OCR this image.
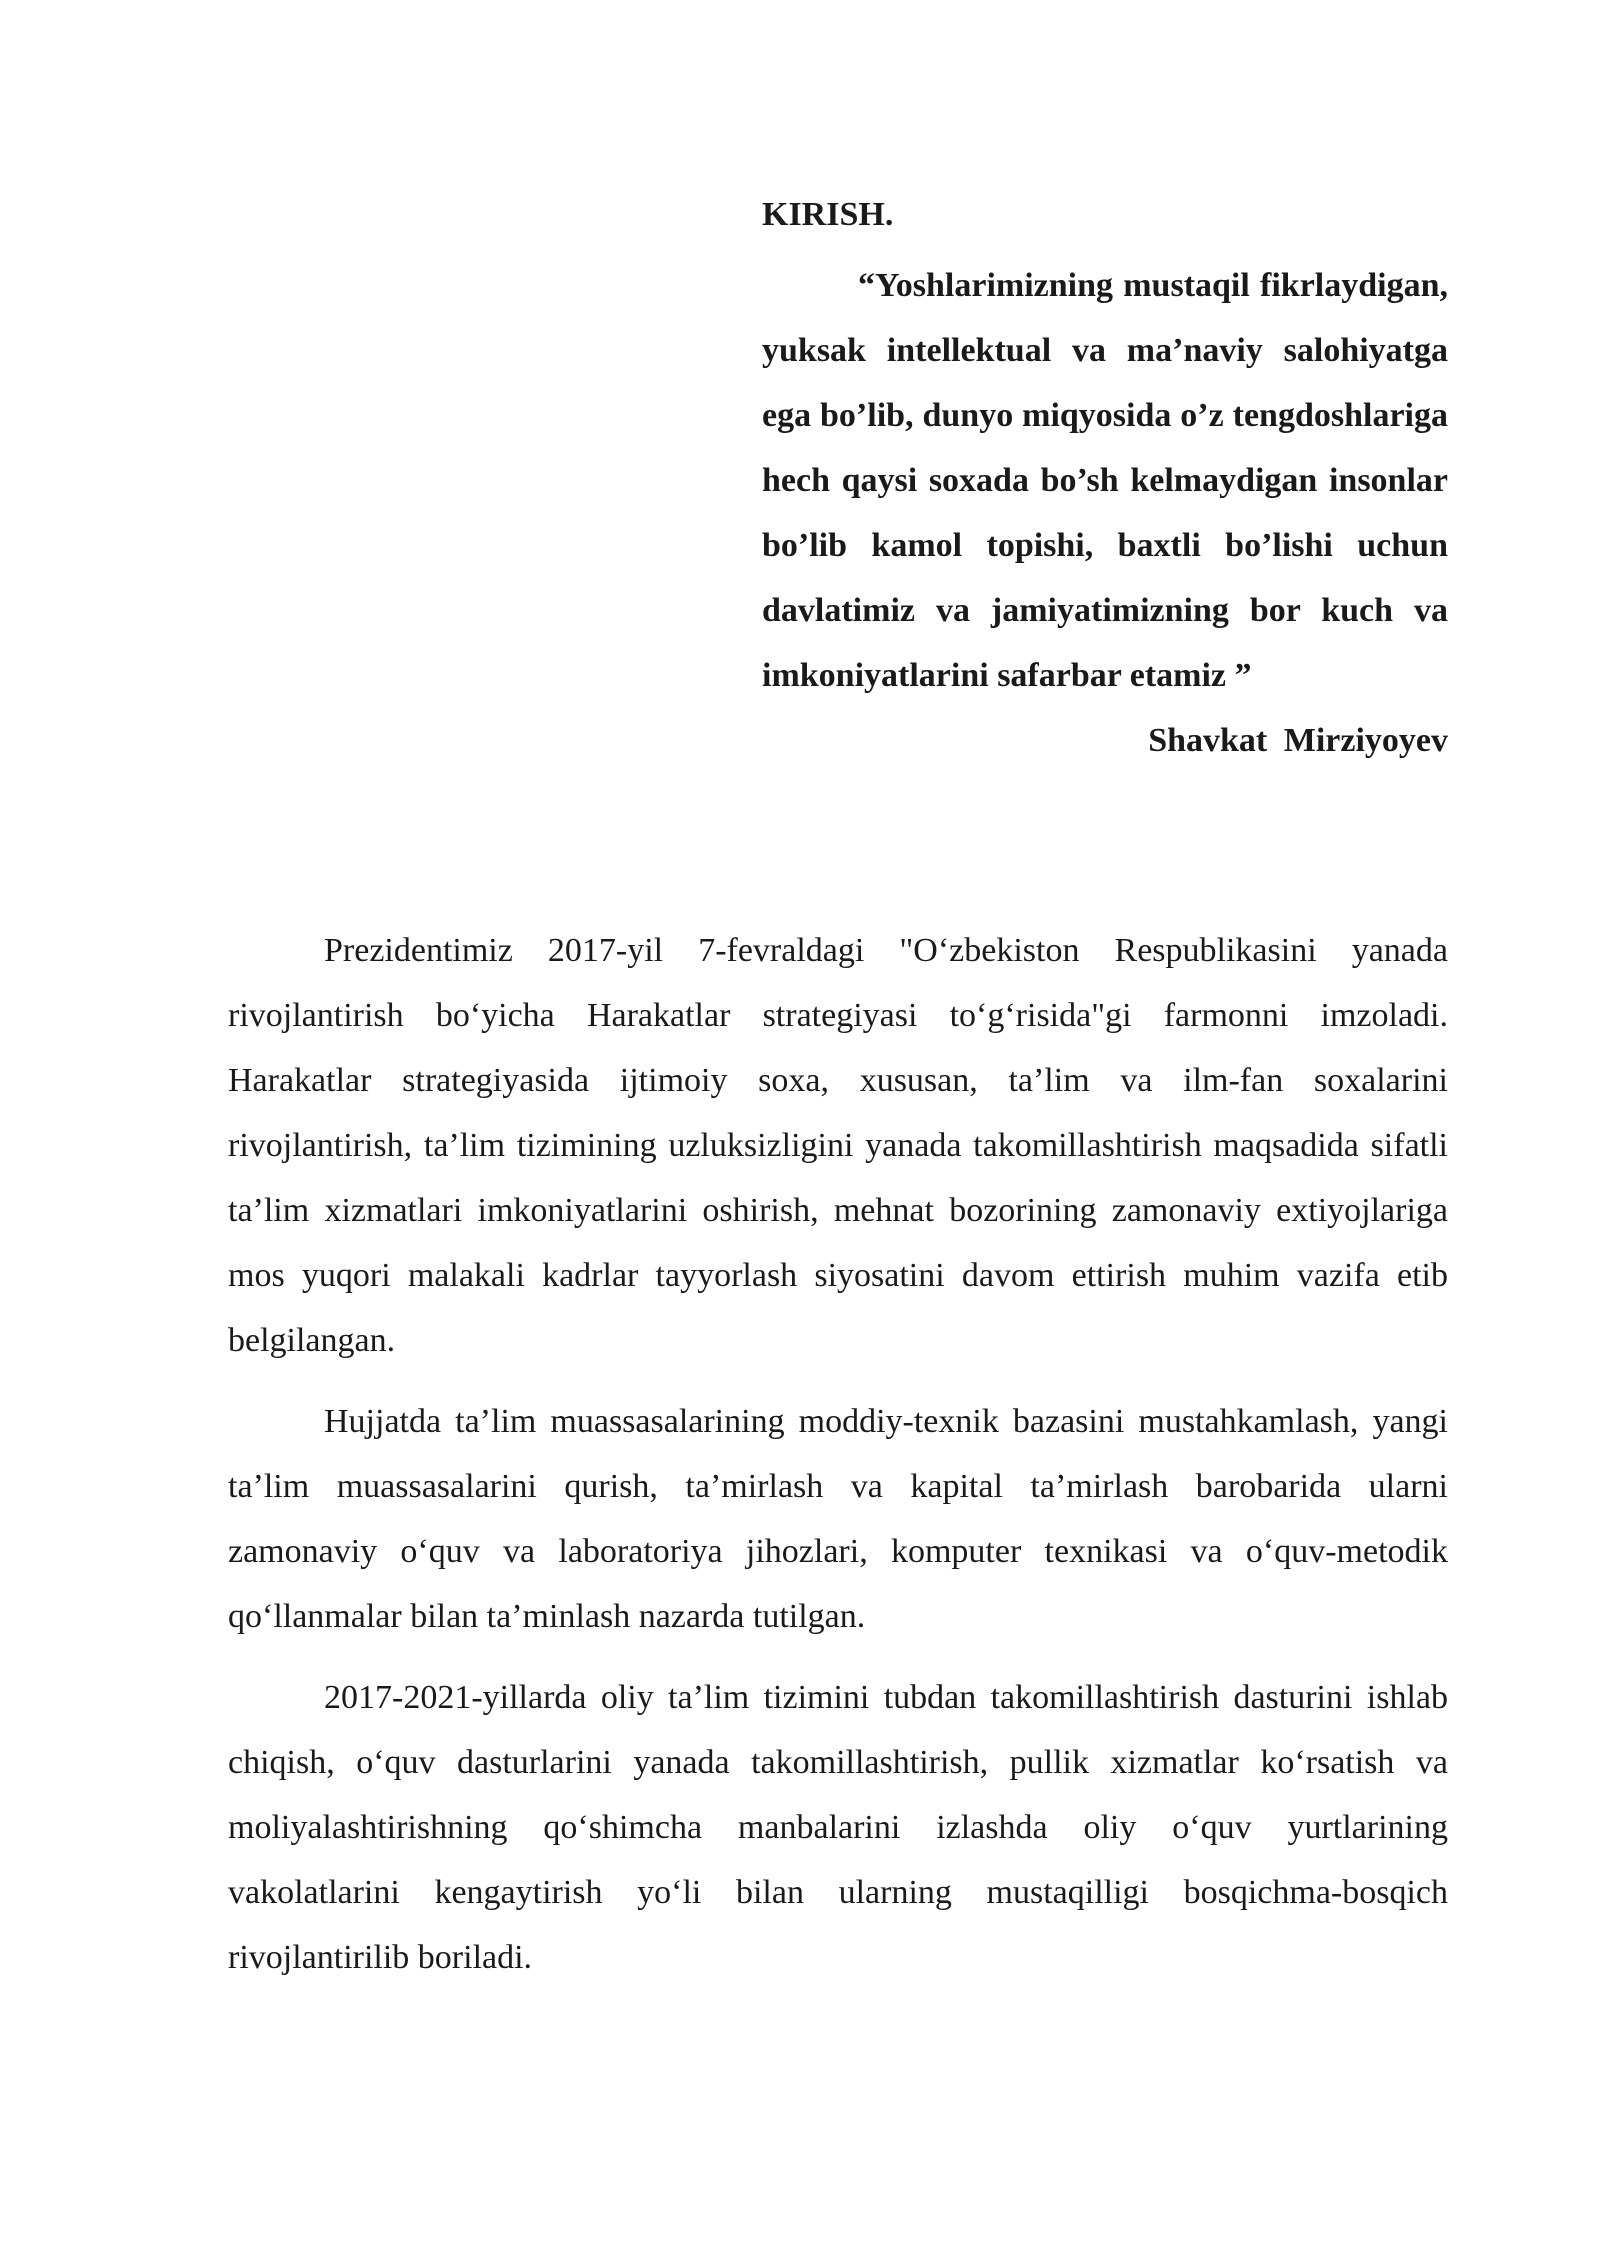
KIRISH.

“Yoshlarimizning mustaqil fikrlaydigan, yuksak intellektual va ma’naviy salohiyatga ega bo’lib, dunyo miqyosida o’z tengdoshlariga hech qaysi soxada bo’sh kelmaydigan insonlar bo’lib kamol topishi, baxtli bo’lishi uchun davlatimiz va jamiyatimizning bor kuch va imkoniyatlarini safarbar etamiz ”

Shavkat Mirziyoyev

Prezidentimiz 2017-yil 7-fevraldagi "O‘zbekiston Respublikasini yanada rivojlantirish bo‘yicha Harakatlar strategiyasi to‘g‘risida"gi farmonni imzoladi. Harakatlar strategiyasida ijtimoiy soxa, xususan, ta’lim va ilm-fan soxalarini rivojlantirish, ta’lim tizimining uzluksizligini yanada takomillashtirish maqsadida sifatli ta’lim xizmatlari imkoniyatlarini oshirish, mehnat bozorining zamonaviy extiyojlariga mos yuqori malakali kadrlar tayyorlash siyosatini davom ettirish muhim vazifa etib belgilangan.

Hujjatda ta’lim muassasalarining moddiy-texnik bazasini mustahkamlash, yangi ta’lim muassasalarini qurish, ta’mirlash va kapital ta’mirlash barobarida ularni zamonaviy o‘quv va laboratoriya jihozlari, komputer texnikasi va o‘quv-metodik qo‘llanmalar bilan ta’minlash nazarda tutilgan.

2017-2021-yillarda oliy ta’lim tizimini tubdan takomillashtirish dasturini ishlab chiqish, o‘quv dasturlarini yanada takomillashtirish, pullik xizmatlar ko‘rsatish va moliyalashtirishning qo‘shimcha manbalarini izlashda oliy o‘quv yurtlarining vakolatlarini kengaytirish yo‘li bilan ularning mustaqilligi bosqichma-bosqich rivojlantirilib boriladi.
